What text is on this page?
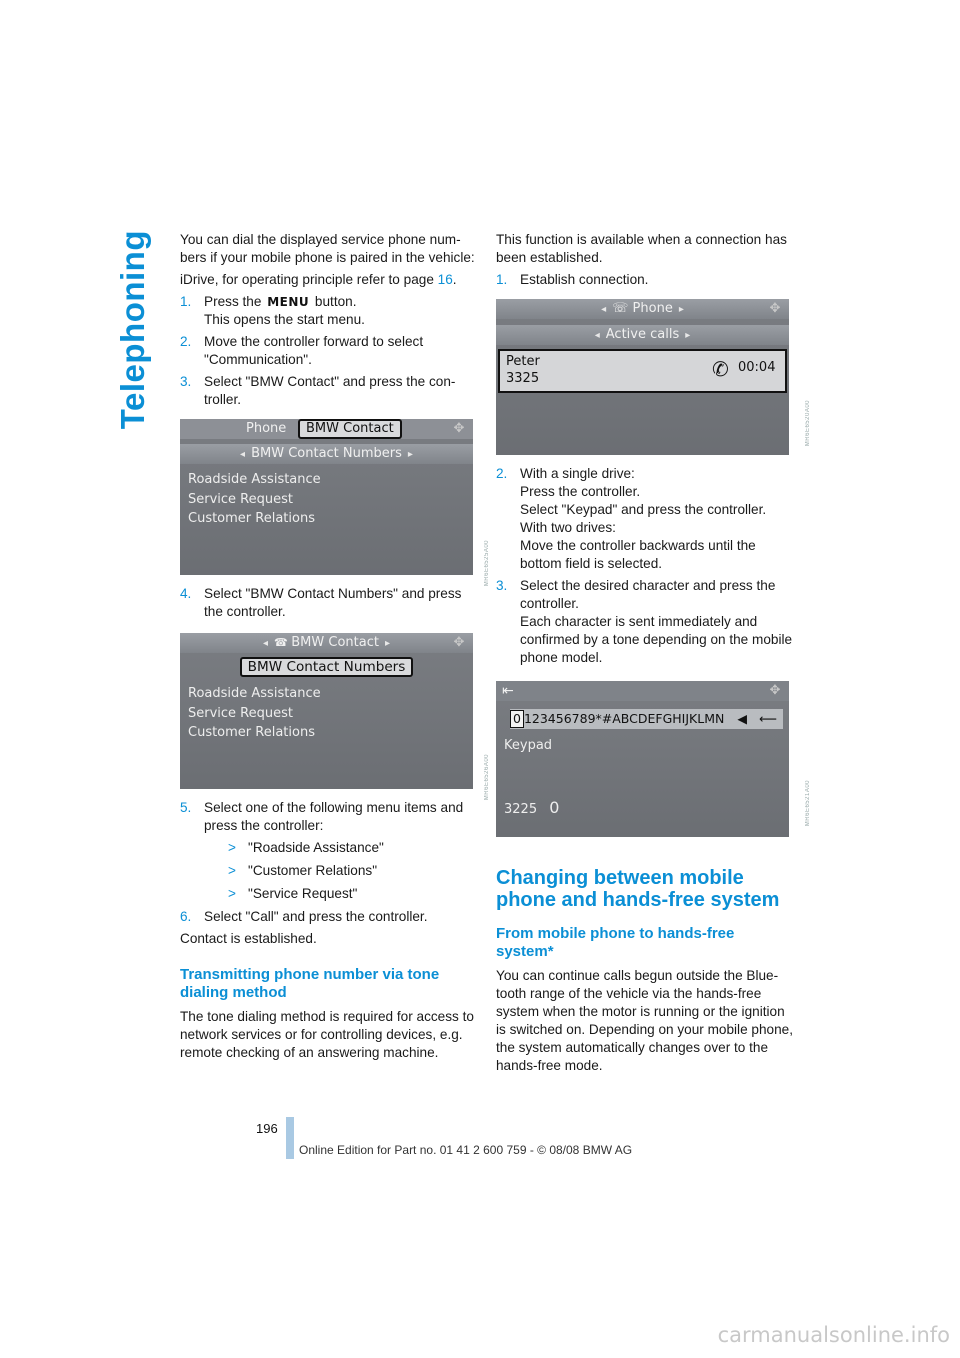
Telephoning You can dial the displayed service phone numbers if your mobile phone is paired in the vehicle:

iDrive, for operating principle refer to page 16.

1. Press the MENU button.
This opens the start menu.
2. Move the controller forward to select "Communication".
3. Select "BMW Contact" and press the controller.
Phone	BMW Contact	✥
◂ BMW Contact Numbers ▸
Roadside Assistance
Service Request
Customer Relations
4. Select "BMW Contact Numbers" and press the controller.
◂ ☎ BMW Contact ▸	✥
BMW Contact Numbers
Roadside Assistance
Service Request
Customer Relations
5. Select one of the following menu items and press the controller:
> "Roadside Assistance"
> "Customer Relations"
> "Service Request"
6. Select "Call" and press the controller.

Contact is established.

Transmitting phone number via tone dialing method

The tone dialing method is required for access to network services or for controlling devices, e.g. remote checking of an answering machine.

MR6E6525A00
MR6E6526A00

This function is available when a connection has been established.

1. Establish connection.
◂ ☏ Phone ▸	✥
◂ Active calls ▸
Peter
3325	✆ 00:04
2. With a single drive:
Press the controller.
Select "Keypad" and press the controller.
With two drives:
Move the controller backwards until the bottom field is selected.
3. Select the desired character and press the controller.
Each character is sent immediately and confirmed by a tone depending on the mobile phone model.
⇤	✥
0 123456789*#ABCDEFGHIJKLMN ◀ ⟵
Keypad
3225 0
Changing between mobile phone and hands-free system
From mobile phone to hands-free system*

You can continue calls begun outside the Bluetooth range of the vehicle via the hands-free system when the motor is running or the ignition is switched on. Depending on your mobile phone, the system automatically changes over to the hands-free mode.

MR6E6520A00
MR6E6521A00
196
Online Edition for Part no. 01 41 2 600 759 - © 08/08 BMW AG
carmanualsonline.info
